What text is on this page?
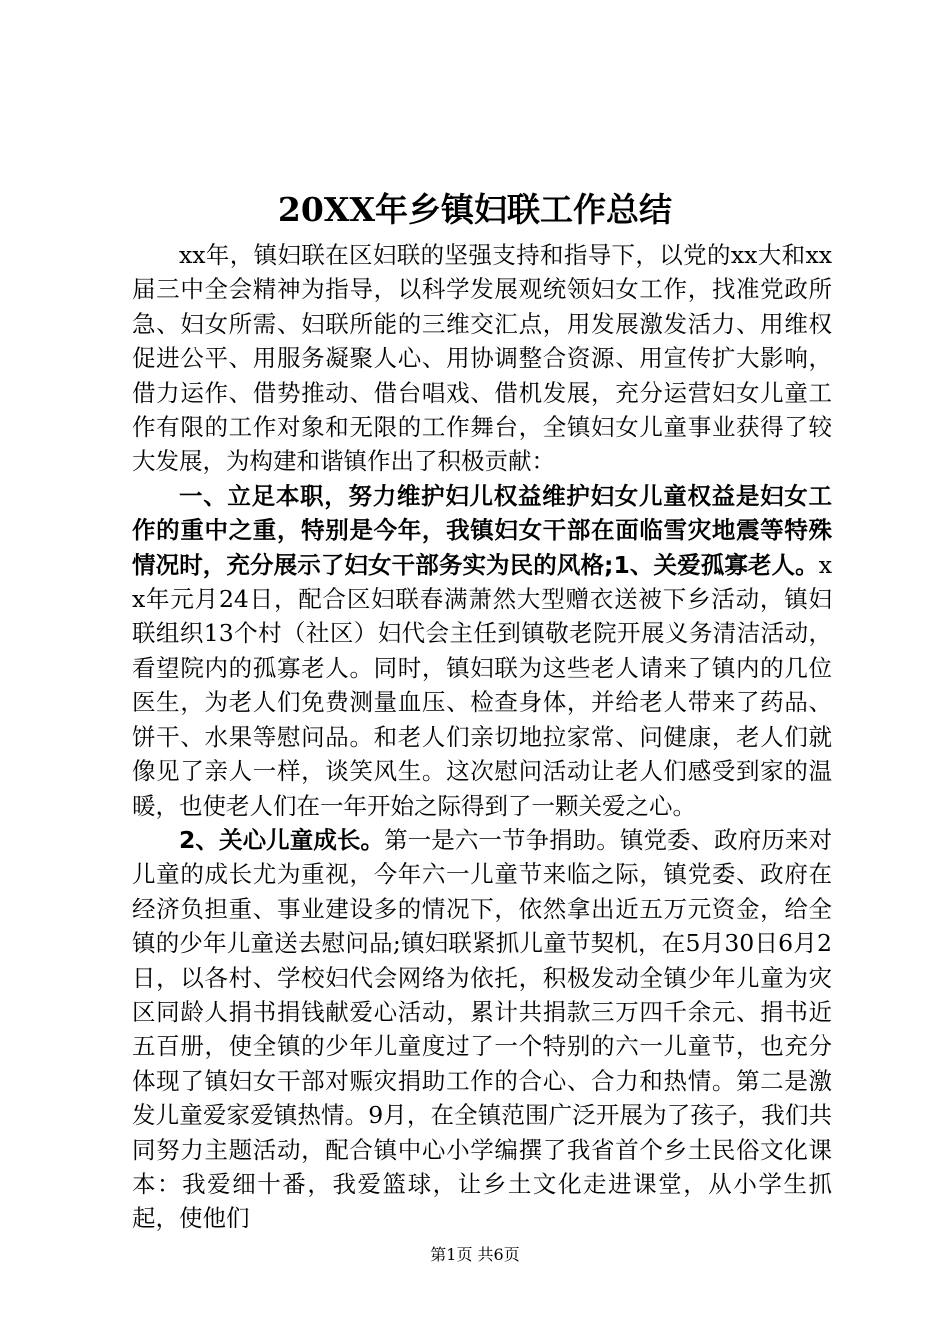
20XX年乡镇妇联工作总结

xx年，镇妇联在区妇联的坚强支持和指导下，以党的xx大和xx届三中全会精神为指导，以科学发展观统领妇女工作，找准党政所急、妇女所需、妇联所能的三维交汇点，用发展激发活力、用维权促进公平、用服务凝聚人心、用协调整合资源、用宣传扩大影响，借力运作、借势推动、借台唱戏、借机发展，充分运营妇女儿童工作有限的工作对象和无限的工作舞台，全镇妇女儿童事业获得了较大发展，为构建和谐镇作出了积极贡献：

一、立足本职，努力维护妇儿权益维护妇女儿童权益是妇女工作的重中之重，特别是今年，我镇妇女干部在面临雪灾地震等特殊情况时，充分展示了妇女干部务实为民的风格;1、关爱孤寡老人。xx年元月24日，配合区妇联春满萧然大型赠衣送被下乡活动，镇妇联组织13个村（社区）妇代会主任到镇敬老院开展义务清洁活动，看望院内的孤寡老人。同时，镇妇联为这些老人请来了镇内的几位医生，为老人们免费测量血压、检查身体，并给老人带来了药品、饼干、水果等慰问品。和老人们亲切地拉家常、问健康，老人们就像见了亲人一样，谈笑风生。这次慰问活动让老人们感受到家的温暖，也使老人们在一年开始之际得到了一颗关爱之心。

2、关心儿童成长。第一是六一节争捐助。镇党委、政府历来对儿童的成长尤为重视，今年六一儿童节来临之际，镇党委、政府在经济负担重、事业建设多的情况下，依然拿出近五万元资金，给全镇的少年儿童送去慰问品;镇妇联紧抓儿童节契机，在5月30日6月2日，以各村、学校妇代会网络为依托，积极发动全镇少年儿童为灾区同龄人捐书捐钱献爱心活动，累计共捐款三万四千余元、捐书近五百册，使全镇的少年儿童度过了一个特别的六一儿童节，也充分体现了镇妇女干部对赈灾捐助工作的合心、合力和热情。第二是激发儿童爱家爱镇热情。9月，在全镇范围广泛开展为了孩子，我们共同努力主题活动，配合镇中心小学编撰了我省首个乡土民俗文化课本：我爱细十番，我爱篮球，让乡土文化走进课堂，从小学生抓起，使他们

第1页 共6页
